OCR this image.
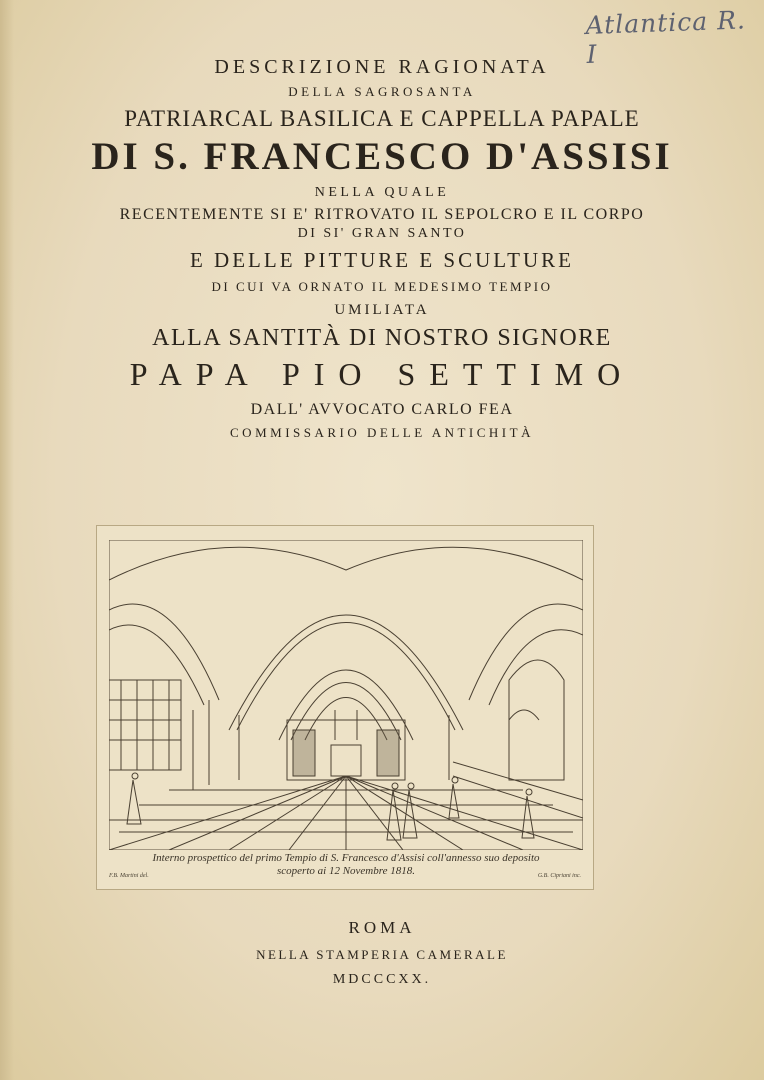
Atlantica R. I
DESCRIZIONE RAGIONATA
DELLA SAGROSANTA
PATRIARCAL BASILICA E CAPPELLA PAPALE
DI S. FRANCESCO D'ASSISI
NELLA QUALE
RECENTEMENTE SI E' RITROVATO IL SEPOLCRO E IL CORPO
DI SI' GRAN SANTO
E DELLE PITTURE E SCULTURE
DI CUI VA ORNATO IL MEDESIMO TEMPIO
UMILIATA
ALLA SANTITÀ DI NOSTRO SIGNORE
PAPA PIO SETTIMO
DALL' AVVOCATO CARLO FEA
COMMISSARIO DELLE ANTICHITÀ
Interno prospettico del primo Tempio di S. Francesco d'Assisi coll'annesso suo deposito
scoperto ai 12 Novembre 1818.
F.B. Martini del.	G.B. Cipriani inc.
ROMA
NELLA STAMPERIA CAMERALE
MDCCCXX.
